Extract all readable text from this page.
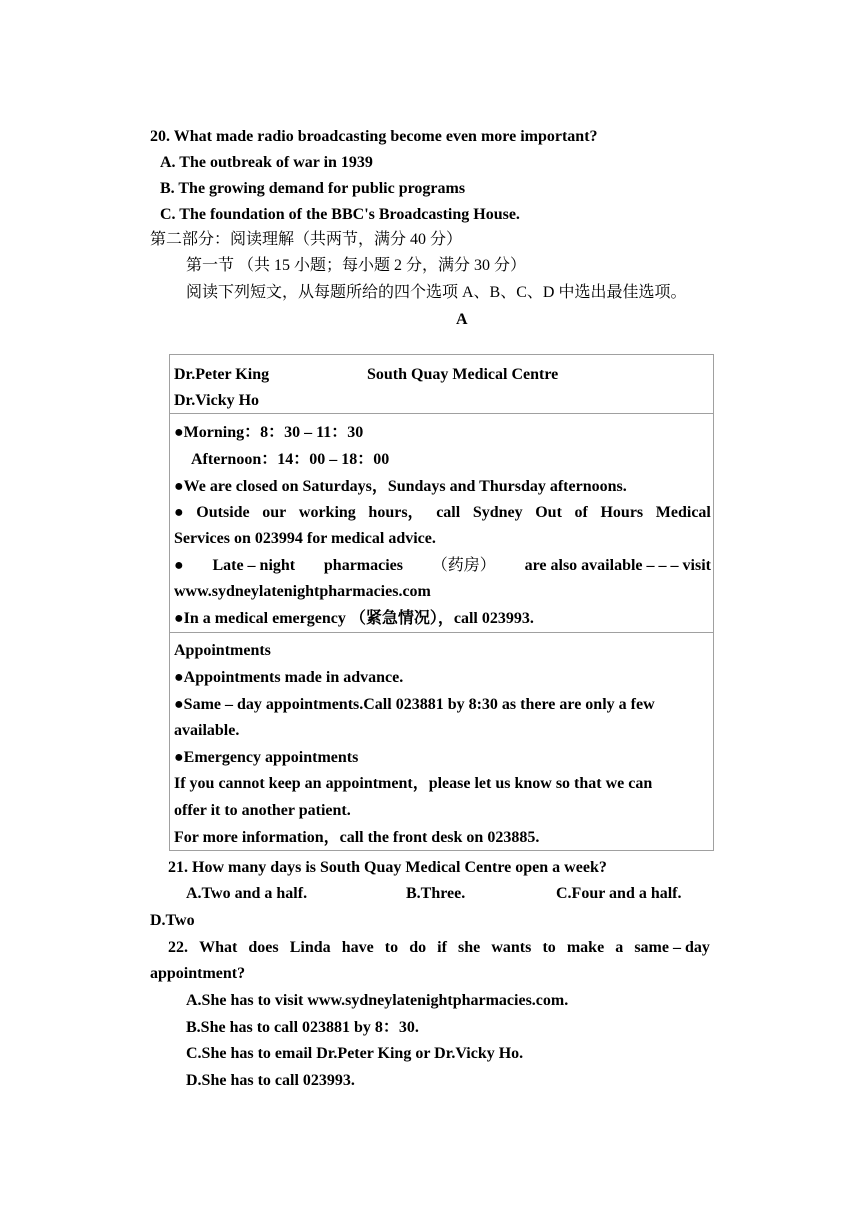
20. What made radio broadcasting become even more important?
A. The outbreak of war in 1939
B. The growing demand for public programs
C. The foundation of the BBC's Broadcasting House.
第二部分：阅读理解（共两节，满分 40 分）
第一节 （共 15 小题；每小题 2 分，满分 30 分）
阅读下列短文，从每题所给的四个选项 A、B、C、D 中选出最佳选项。
A
Dr.Peter King	South Quay Medical Centre
Dr.Vicky Ho
●Morning：8：30 – 11：30
Afternoon：14：00 – 18：00
●We are closed on Saturdays，Sundays and Thursday afternoons.
● Outside our working hours， call Sydney Out of Hours Medical
Services on 023994 for medical advice.
● Late – night pharmacies （药房） are also available – – – visit
www.sydneylatenightpharmacies.com
●In a medical emergency （紧急情况），call 023993.
Appointments
●Appointments made in advance.
●Same – day appointments.Call 023881 by 8:30 as there are only a few
available.
●Emergency appointments
If you cannot keep an appointment，please let us know so that we can
offer it to another patient.
For more information，call the front desk on 023885.
21. How many days is South Quay Medical Centre open a week?
A.Two and a half.	B.Three.	C.Four and a half.
D.Two
22. What does Linda have to do if she wants to make a same – day
appointment?
A.She has to visit www.sydneylatenightpharmacies.com.
B.She has to call 023881 by 8：30.
C.She has to email Dr.Peter King or Dr.Vicky Ho.
D.She has to call 023993.
